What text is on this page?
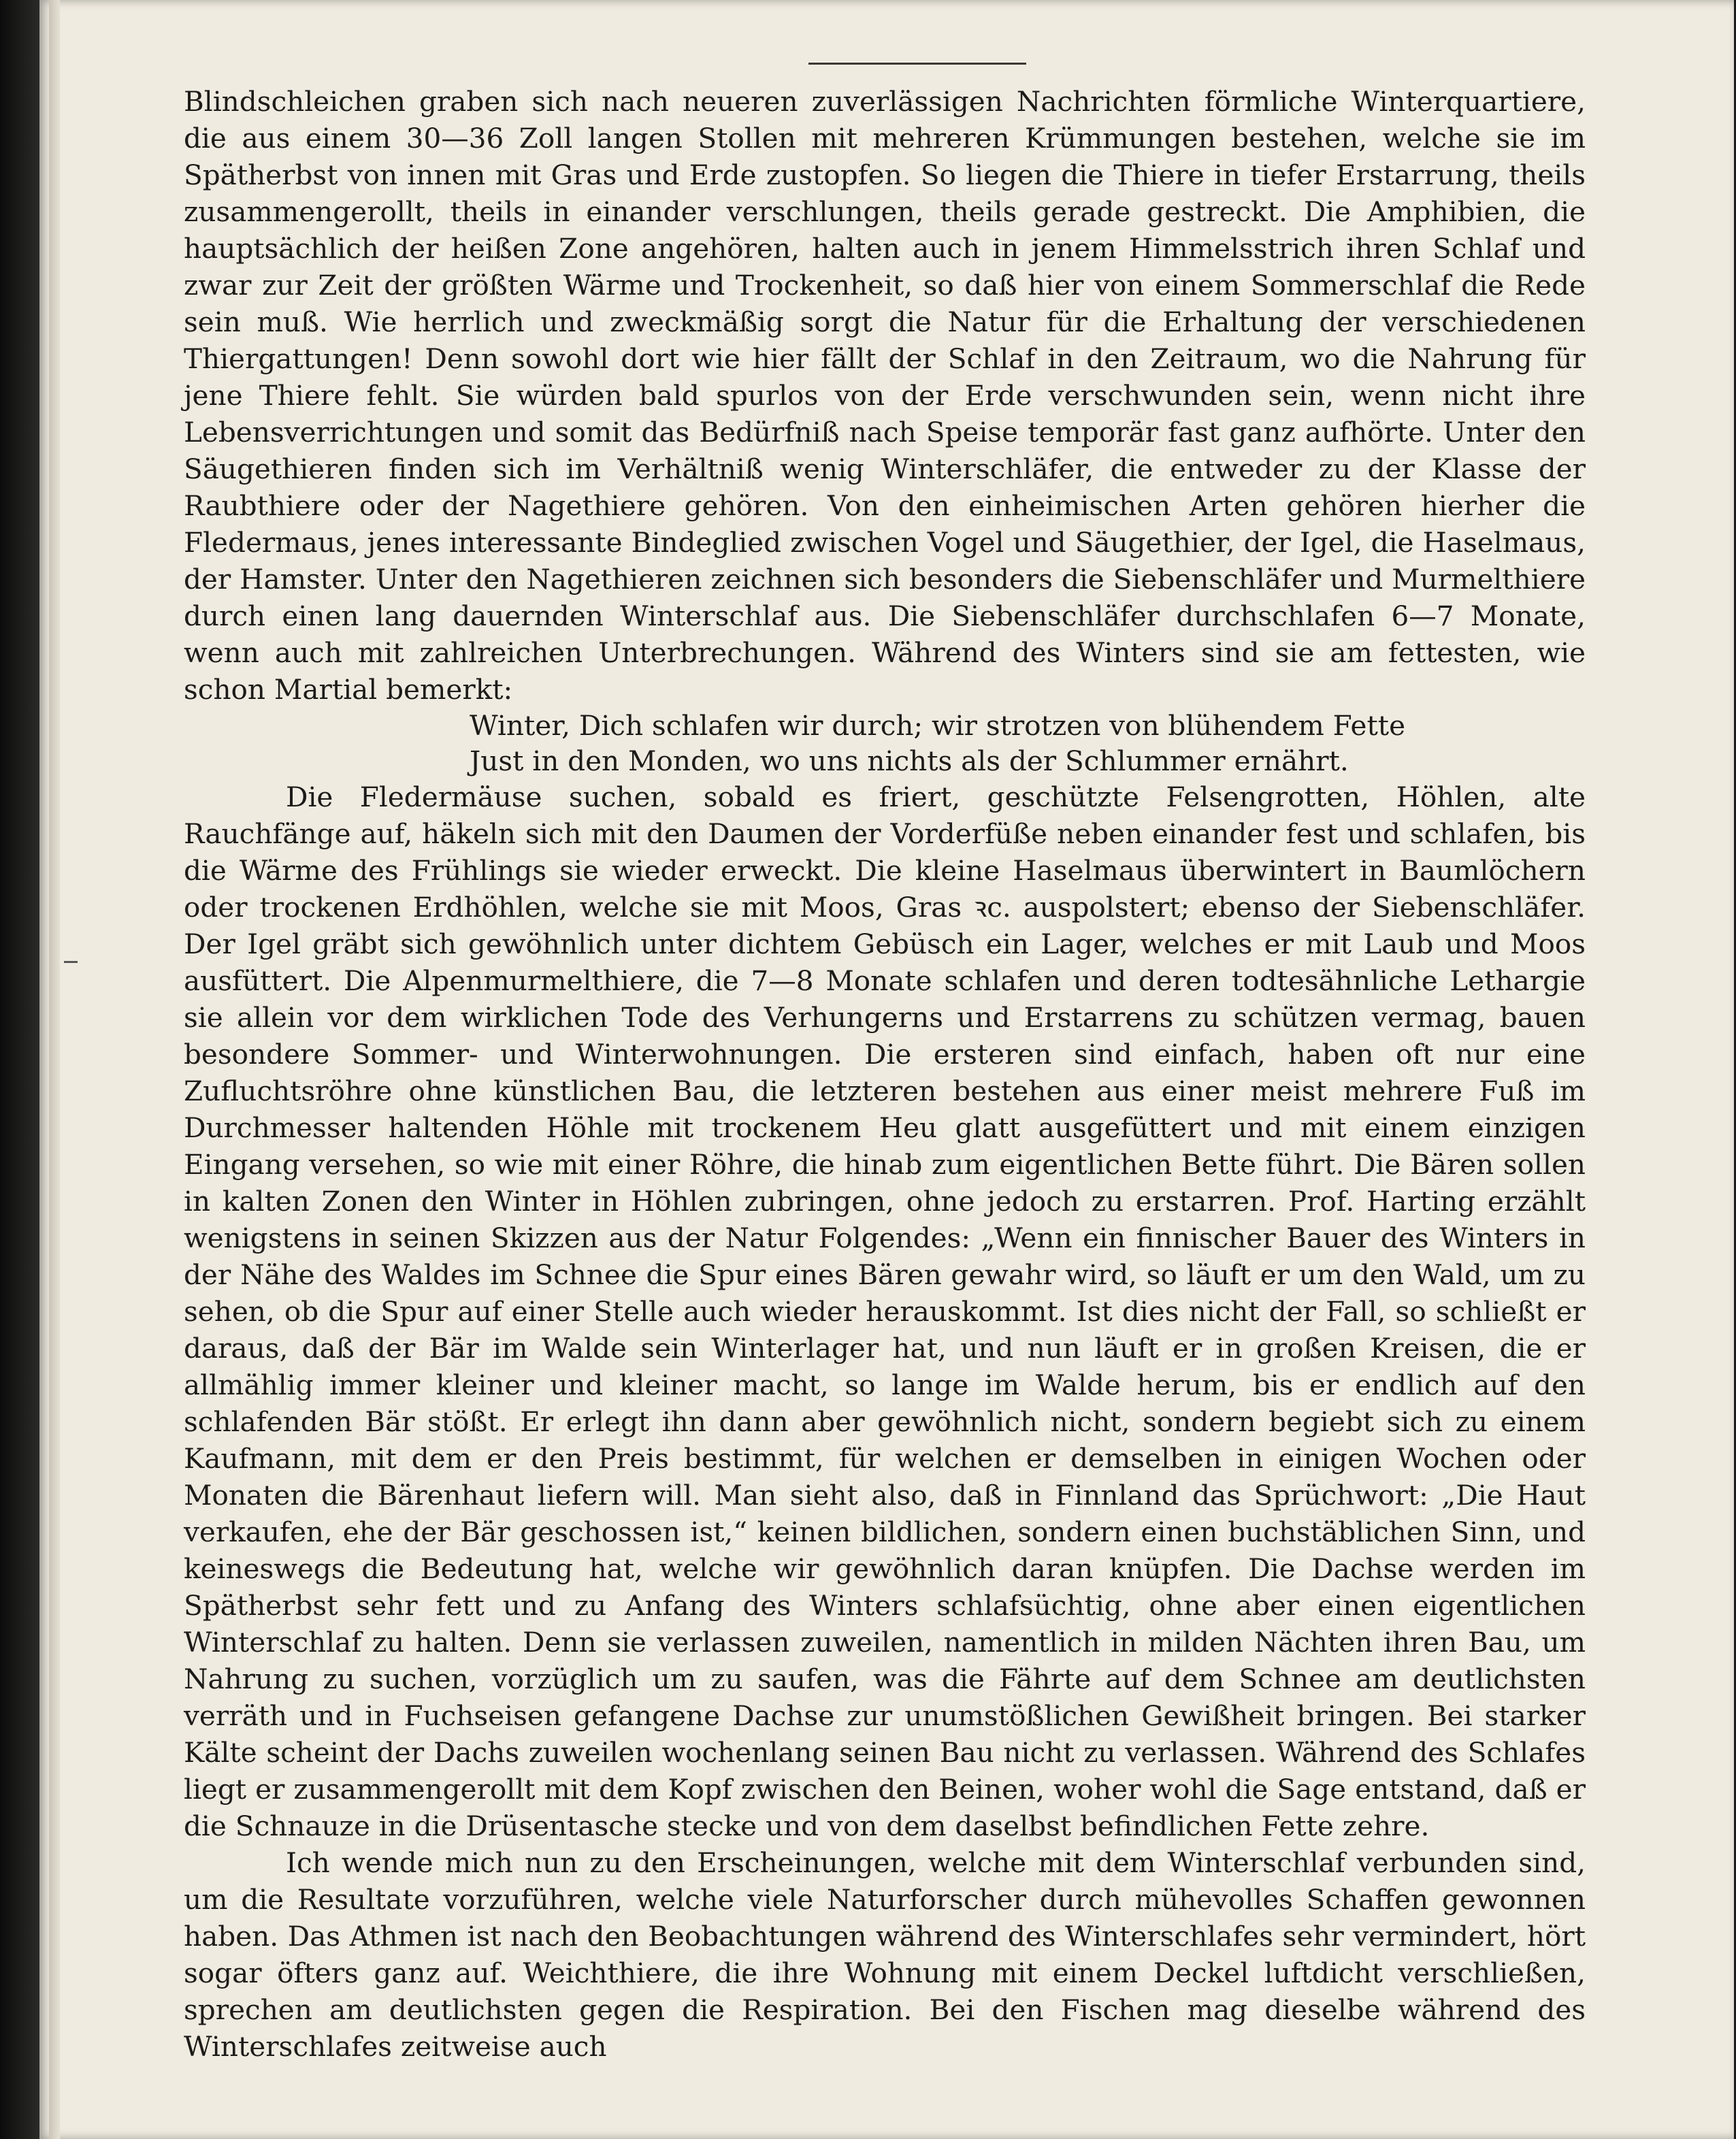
Blindschleichen graben sich nach neueren zuverlässigen Nachrichten förmliche Winterquartiere, die aus einem 30—36 Zoll langen Stollen mit mehreren Krümmungen bestehen, welche sie im Spätherbst von innen mit Gras und Erde zustopfen. So liegen die Thiere in tiefer Erstarrung, theils zusammengerollt, theils in einander verschlungen, theils gerade gestreckt. Die Amphibien, die hauptsächlich der heißen Zone angehören, halten auch in jenem Himmelsstrich ihren Schlaf und zwar zur Zeit der größten Wärme und Trockenheit, so daß hier von einem Sommerschlaf die Rede sein muß. Wie herrlich und zweckmäßig sorgt die Natur für die Erhaltung der verschiedenen Thiergattungen! Denn sowohl dort wie hier fällt der Schlaf in den Zeitraum, wo die Nahrung für jene Thiere fehlt. Sie würden bald spurlos von der Erde verschwunden sein, wenn nicht ihre Lebensverrichtungen und somit das Bedürfniß nach Speise temporär fast ganz aufhörte. Unter den Säugethieren finden sich im Verhältniß wenig Winterschläfer, die entweder zu der Klasse der Raubthiere oder der Nagethiere gehören. Von den einheimischen Arten gehören hierher die Fledermaus, jenes interessante Bindeglied zwischen Vogel und Säugethier, der Igel, die Haselmaus, der Hamster. Unter den Nagethieren zeichnen sich besonders die Siebenschläfer und Murmelthiere durch einen lang dauernden Winterschlaf aus. Die Siebenschläfer durchschlafen 6—7 Monate, wenn auch mit zahlreichen Unterbrechungen. Während des Winters sind sie am fettesten, wie schon Martial bemerkt:

Winter, Dich schlafen wir durch; wir strotzen von blühendem Fette

Just in den Monden, wo uns nichts als der Schlummer ernährt.

Die Fledermäuse suchen, sobald es friert, geschützte Felsengrotten, Höhlen, alte Rauchfänge auf, häkeln sich mit den Daumen der Vorderfüße neben einander fest und schlafen, bis die Wärme des Frühlings sie wieder erweckt. Die kleine Haselmaus überwintert in Baumlöchern oder trockenen Erdhöhlen, welche sie mit Moos, Gras ꝛc. auspolstert; ebenso der Siebenschläfer. Der Igel gräbt sich gewöhnlich unter dichtem Gebüsch ein Lager, welches er mit Laub und Moos ausfüttert. Die Alpenmurmelthiere, die 7—8 Monate schlafen und deren todtesähnliche Lethargie sie allein vor dem wirklichen Tode des Verhungerns und Erstarrens zu schützen vermag, bauen besondere Sommer- und Winterwohnungen. Die ersteren sind einfach, haben oft nur eine Zufluchtsröhre ohne künstlichen Bau, die letzteren bestehen aus einer meist mehrere Fuß im Durchmesser haltenden Höhle mit trockenem Heu glatt ausgefüttert und mit einem einzigen Eingang versehen, so wie mit einer Röhre, die hinab zum eigentlichen Bette führt. Die Bären sollen in kalten Zonen den Winter in Höhlen zubringen, ohne jedoch zu erstarren. Prof. Harting erzählt wenigstens in seinen Skizzen aus der Natur Folgendes: „Wenn ein finnischer Bauer des Winters in der Nähe des Waldes im Schnee die Spur eines Bären gewahr wird, so läuft er um den Wald, um zu sehen, ob die Spur auf einer Stelle auch wieder herauskommt. Ist dies nicht der Fall, so schließt er daraus, daß der Bär im Walde sein Winterlager hat, und nun läuft er in großen Kreisen, die er allmählig immer kleiner und kleiner macht, so lange im Walde herum, bis er endlich auf den schlafenden Bär stößt. Er erlegt ihn dann aber gewöhnlich nicht, sondern begiebt sich zu einem Kaufmann, mit dem er den Preis bestimmt, für welchen er demselben in einigen Wochen oder Monaten die Bärenhaut liefern will. Man sieht also, daß in Finnland das Sprüchwort: „Die Haut verkaufen, ehe der Bär geschossen ist,“ keinen bildlichen, sondern einen buchstäblichen Sinn, und keineswegs die Bedeutung hat, welche wir gewöhnlich daran knüpfen. Die Dachse werden im Spätherbst sehr fett und zu Anfang des Winters schlafsüchtig, ohne aber einen eigentlichen Winterschlaf zu halten. Denn sie verlassen zuweilen, namentlich in milden Nächten ihren Bau, um Nahrung zu suchen, vorzüglich um zu saufen, was die Fährte auf dem Schnee am deutlichsten verräth und in Fuchseisen gefangene Dachse zur unumstößlichen Gewißheit bringen. Bei starker Kälte scheint der Dachs zuweilen wochenlang seinen Bau nicht zu verlassen. Während des Schlafes liegt er zusammengerollt mit dem Kopf zwischen den Beinen, woher wohl die Sage entstand, daß er die Schnauze in die Drüsentasche stecke und von dem daselbst befindlichen Fette zehre.

Ich wende mich nun zu den Erscheinungen, welche mit dem Winterschlaf verbunden sind, um die Resultate vorzuführen, welche viele Naturforscher durch mühevolles Schaffen gewonnen haben. Das Athmen ist nach den Beobachtungen während des Winterschlafes sehr vermindert, hört sogar öfters ganz auf. Weichthiere, die ihre Wohnung mit einem Deckel luftdicht verschließen, sprechen am deutlichsten gegen die Respiration. Bei den Fischen mag dieselbe während des Winterschlafes zeitweise auch
